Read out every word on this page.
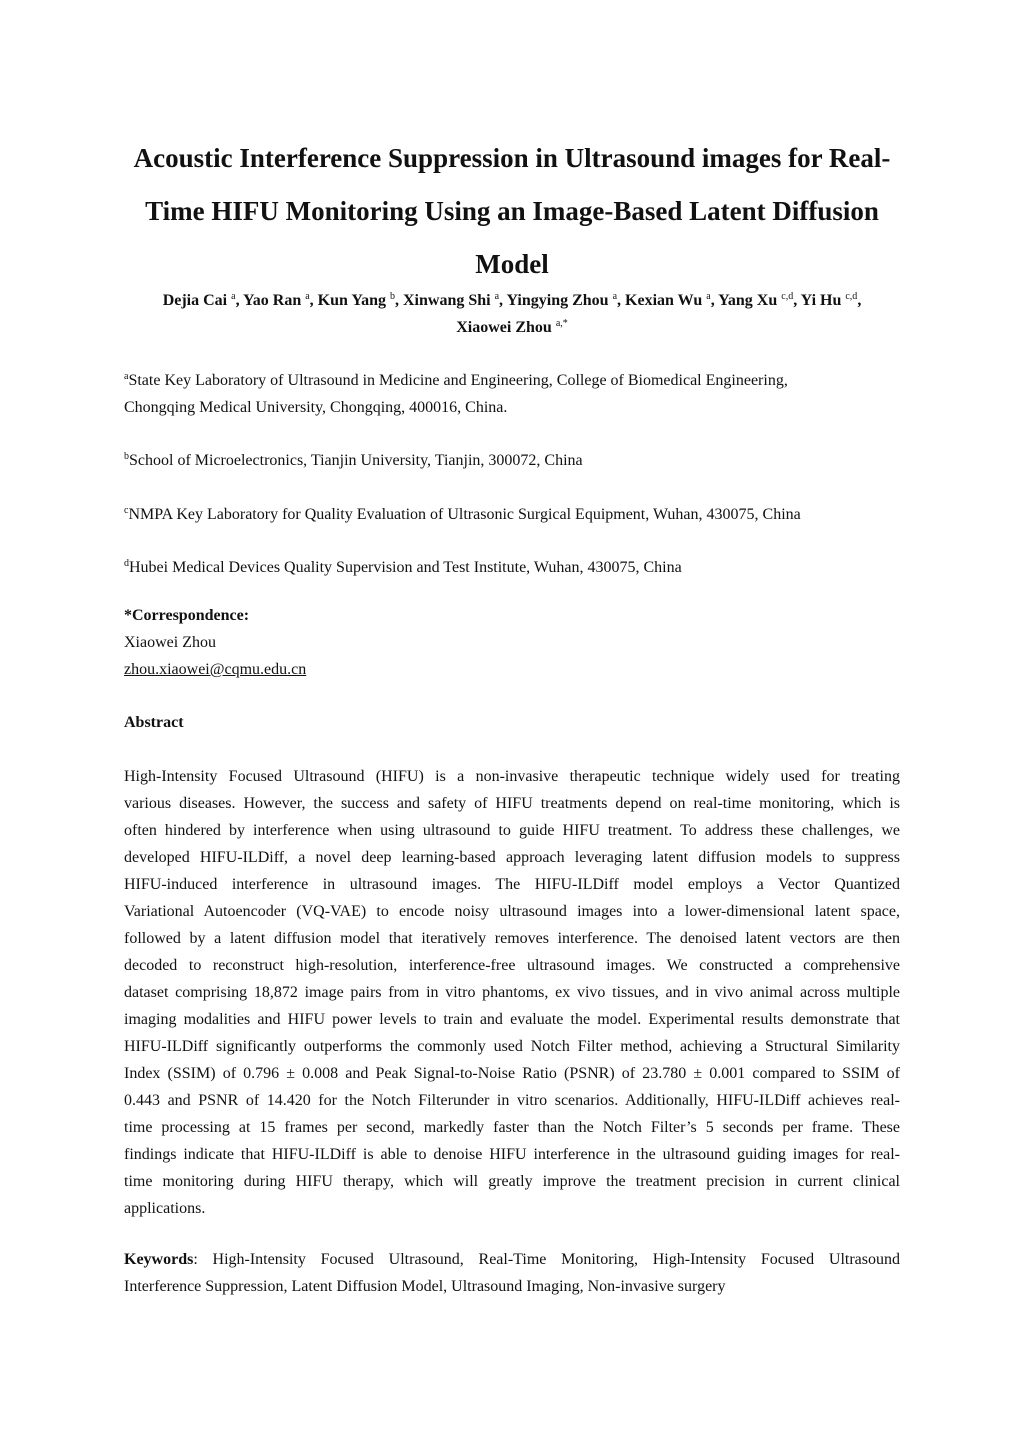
Acoustic Interference Suppression in Ultrasound images for Real-
Time HIFU Monitoring Using an Image-Based Latent Diffusion
Model
Dejia Cai $^a$, Yao Ran $^a$, Kun Yang $^b$, Xinwang Shi $^a$, Yingying Zhou $^a$, Kexian Wu $^a$, Yang Xu $^{c,d}$, Yi Hu $^{c,d}$,
Xiaowei Zhou $^{a,*}$
$^a$State Key Laboratory of Ultrasound in Medicine and Engineering, College of Biomedical Engineering,
Chongqing Medical University, Chongqing, 400016, China.
$^b$School of Microelectronics, Tianjin University, Tianjin, 300072, China
$^c$NMPA Key Laboratory for Quality Evaluation of Ultrasonic Surgical Equipment, Wuhan, 430075, China
$^d$Hubei Medical Devices Quality Supervision and Test Institute, Wuhan, 430075, China
*Correspondence:
Xiaowei Zhou
zhou.xiaowei@cqmu.edu.cn
Abstract
High-Intensity Focused Ultrasound (HIFU) is a non-invasive therapeutic technique widely used for treating
various diseases. However, the success and safety of HIFU treatments depend on real-time monitoring, which is
often hindered by interference when using ultrasound to guide HIFU treatment. To address these challenges, we
developed HIFU-ILDiff, a novel deep learning-based approach leveraging latent diffusion models to suppress
HIFU-induced interference in ultrasound images. The HIFU-ILDiff model employs a Vector Quantized
Variational Autoencoder (VQ-VAE) to encode noisy ultrasound images into a lower-dimensional latent space,
followed by a latent diffusion model that iteratively removes interference. The denoised latent vectors are then
decoded to reconstruct high-resolution, interference-free ultrasound images. We constructed a comprehensive
dataset comprising 18,872 image pairs from in vitro phantoms, ex vivo tissues, and in vivo animal across multiple
imaging modalities and HIFU power levels to train and evaluate the model. Experimental results demonstrate that
HIFU-ILDiff significantly outperforms the commonly used Notch Filter method, achieving a Structural Similarity
Index (SSIM) of 0.796 ± 0.008 and Peak Signal-to-Noise Ratio (PSNR) of 23.780 ± 0.001 compared to SSIM of
0.443 and PSNR of 14.420 for the Notch Filterunder in vitro scenarios. Additionally, HIFU-ILDiff achieves real-
time processing at 15 frames per second, markedly faster than the Notch Filter’s 5 seconds per frame. These
findings indicate that HIFU-ILDiff is able to denoise HIFU interference in the ultrasound guiding images for real-
time monitoring during HIFU therapy, which will greatly improve the treatment precision in current clinical
applications.
Keywords: High-Intensity Focused Ultrasound, Real-Time Monitoring, High-Intensity Focused Ultrasound
Interference Suppression, Latent Diffusion Model, Ultrasound Imaging, Non-invasive surgery
